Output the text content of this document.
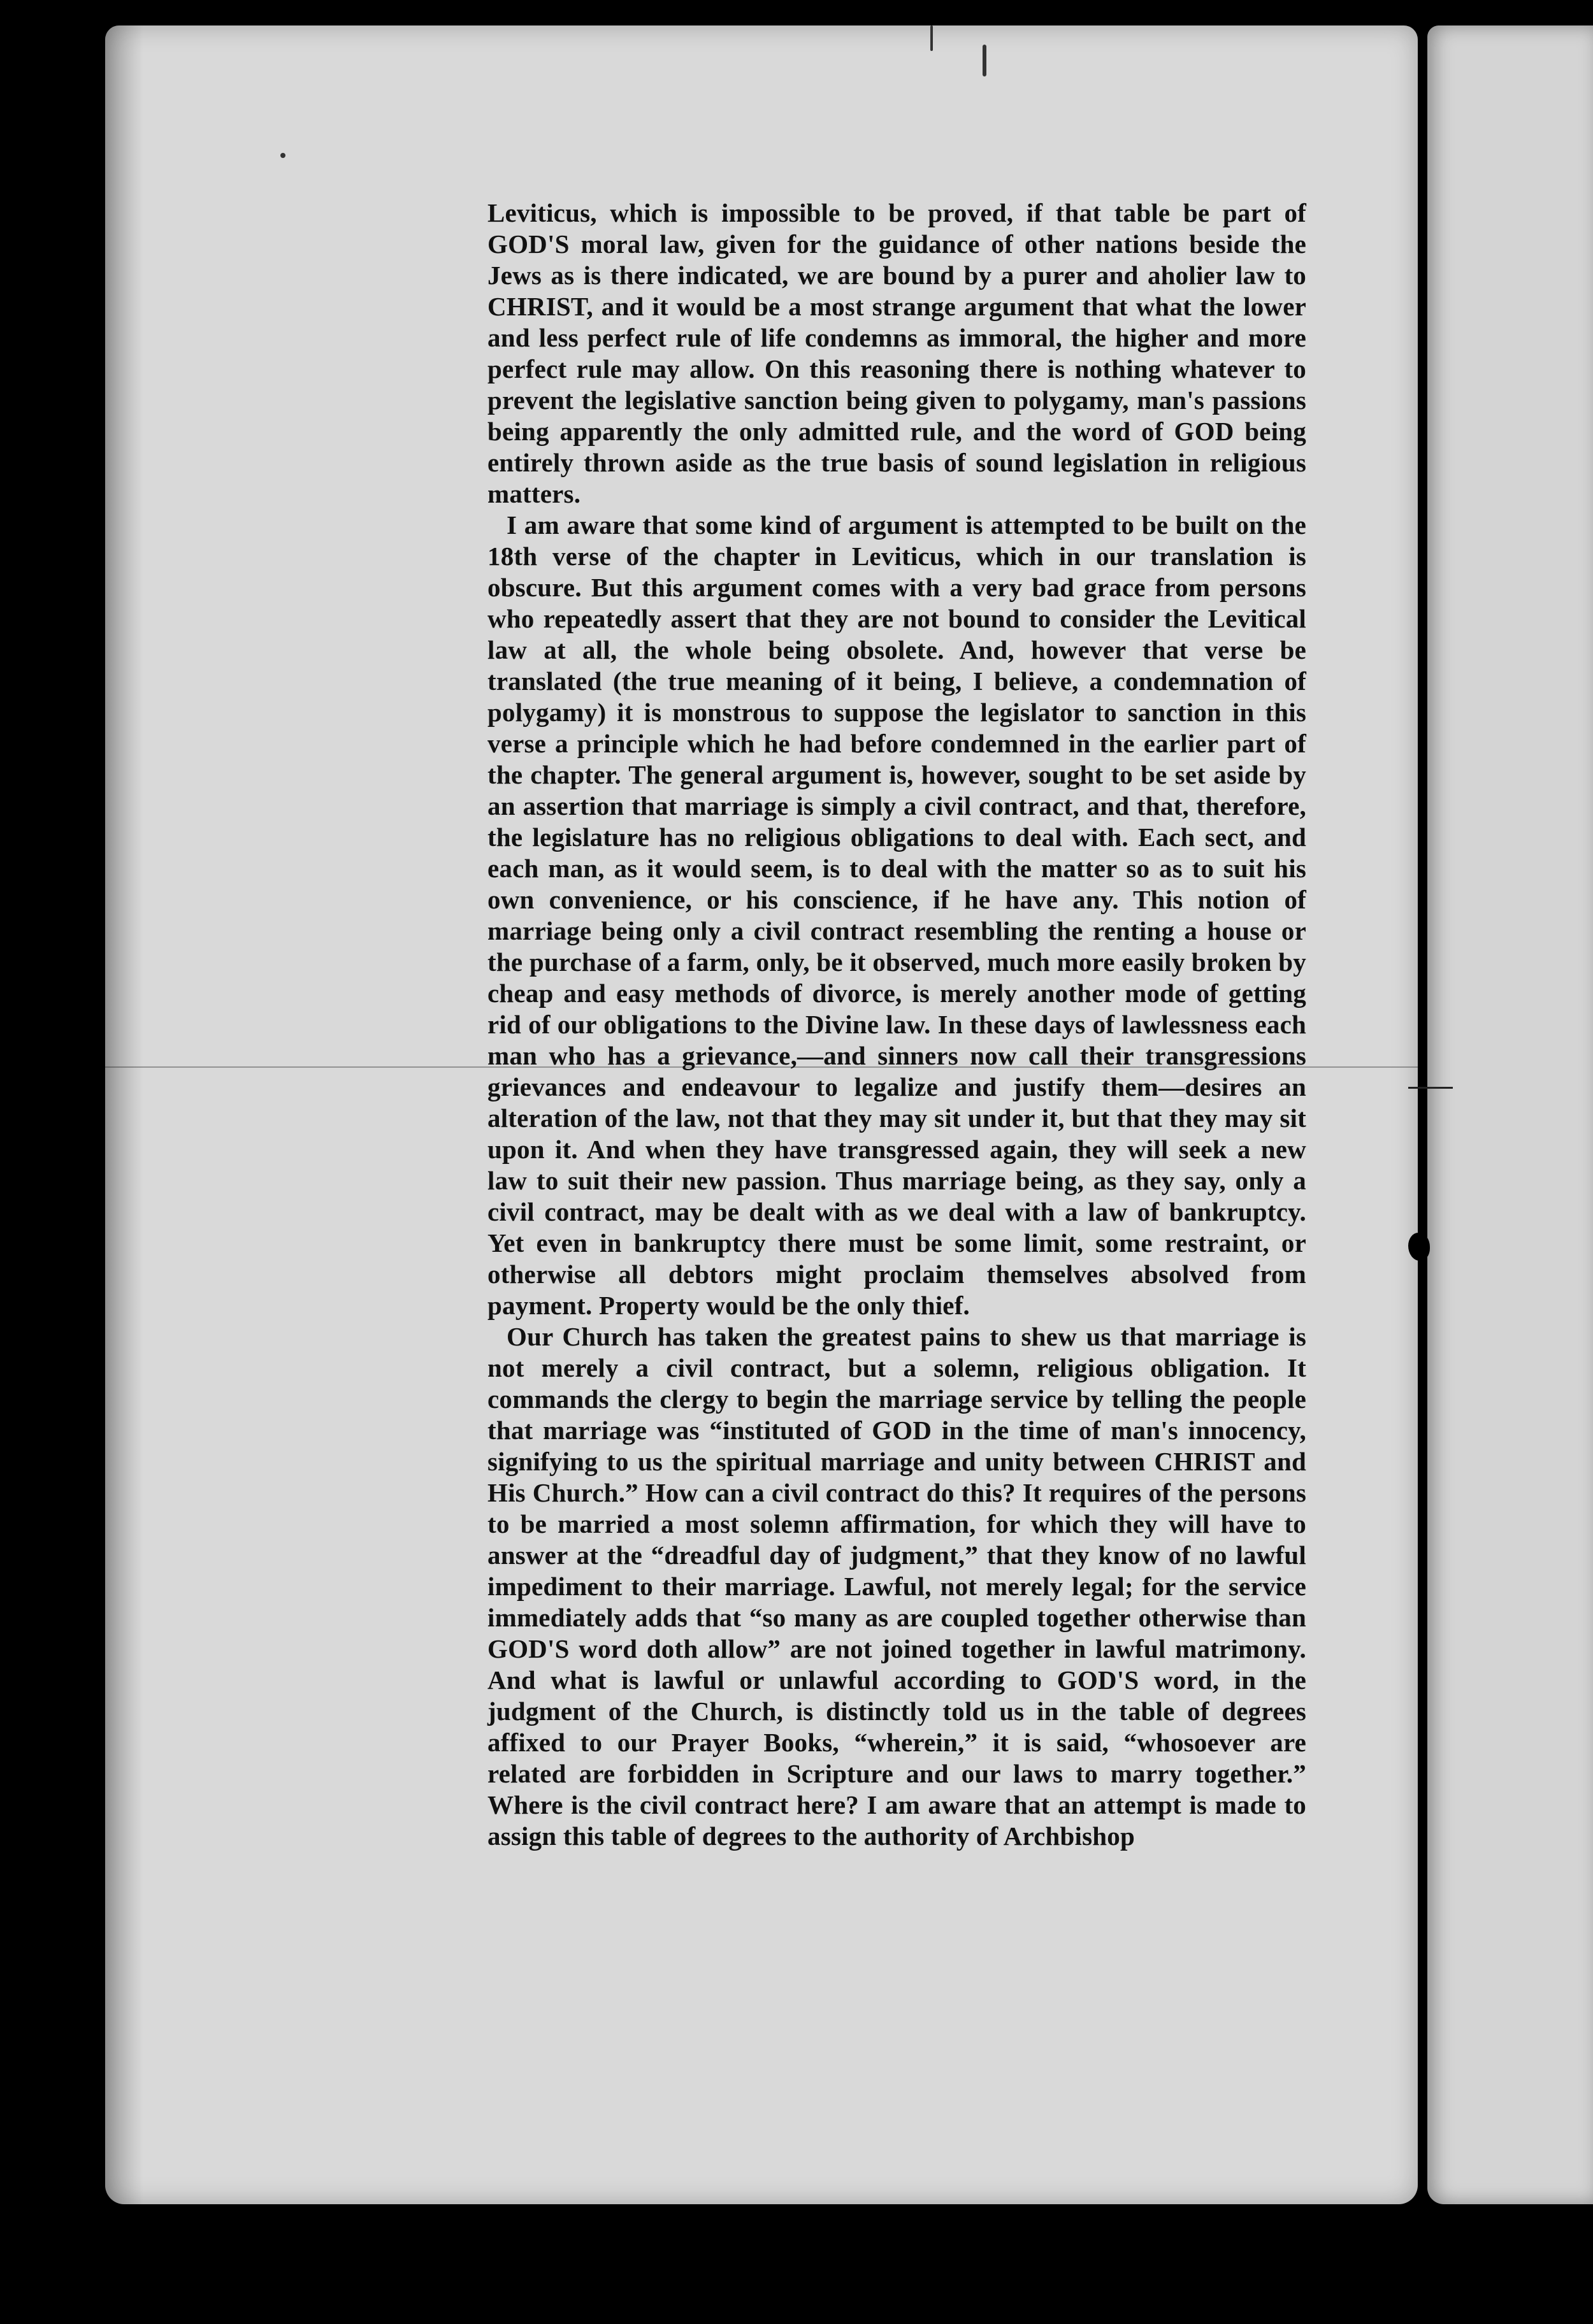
Leviticus, which is impossible to be proved, if that table be part of GOD'S moral law, given for the guidance of other nations beside the Jews as is there indicated, we are bound by a purer and aholier law to CHRIST, and it would be a most strange argument that what the lower and less perfect rule of life condemns as immoral, the higher and more perfect rule may allow. On this reasoning there is nothing whatever to prevent the legislative sanction being given to polygamy, man's passions being apparently the only admitted rule, and the word of GOD being entirely thrown aside as the true basis of sound legislation in religious matters.

I am aware that some kind of argument is attempted to be built on the 18th verse of the chapter in Leviticus, which in our translation is obscure. But this argument comes with a very bad grace from persons who repeatedly assert that they are not bound to consider the Levitical law at all, the whole being obsolete. And, however that verse be translated (the true meaning of it being, I believe, a condemnation of polygamy) it is monstrous to suppose the legislator to sanction in this verse a principle which he had before condemned in the earlier part of the chapter. The general argument is, however, sought to be set aside by an assertion that marriage is simply a civil contract, and that, therefore, the legislature has no religious obligations to deal with. Each sect, and each man, as it would seem, is to deal with the matter so as to suit his own convenience, or his conscience, if he have any. This notion of marriage being only a civil contract resembling the renting a house or the purchase of a farm, only, be it observed, much more easily broken by cheap and easy methods of divorce, is merely another mode of getting rid of our obligations to the Divine law. In these days of lawlessness each man who has a grievance,—and sinners now call their transgressions grievances and endeavour to legalize and justify them—desires an alteration of the law, not that they may sit under it, but that they may sit upon it. And when they have transgressed again, they will seek a new law to suit their new passion. Thus marriage being, as they say, only a civil contract, may be dealt with as we deal with a law of bankruptcy. Yet even in bankruptcy there must be some limit, some restraint, or otherwise all debtors might proclaim themselves absolved from payment. Property would be the only thief.

Our Church has taken the greatest pains to shew us that marriage is not merely a civil contract, but a solemn, religious obligation. It commands the clergy to begin the marriage service by telling the people that marriage was “instituted of GOD in the time of man's innocency, signifying to us the spiritual marriage and unity between CHRIST and His Church.” How can a civil contract do this? It requires of the persons to be married a most solemn affirmation, for which they will have to answer at the “dreadful day of judgment,” that they know of no lawful impediment to their marriage. Lawful, not merely legal; for the service immediately adds that “so many as are coupled together otherwise than GOD'S word doth allow” are not joined together in lawful matrimony. And what is lawful or unlawful according to GOD'S word, in the judgment of the Church, is distinctly told us in the table of degrees affixed to our Prayer Books, “wherein,” it is said, “whosoever are related are forbidden in Scripture and our laws to marry together.” Where is the civil contract here? I am aware that an attempt is made to assign this table of degrees to the authority of Archbishop
